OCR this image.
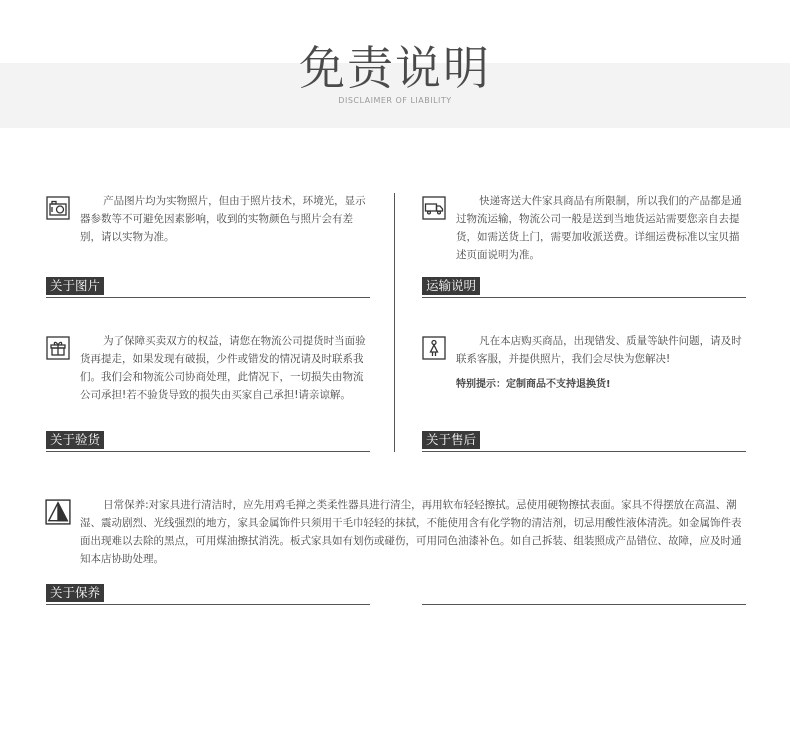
免责说明
DISCLAIMER OF LIABILITY
产品图片均为实物照片，但由于照片技术，环境光，显示器参数等不可避免因素影响，收到的实物颜色与照片会有差别，请以实物为准。
关于图片
快递寄送大件家具商品有所限制，所以我们的产品都是通过物流运输，物流公司一般是送到当地货运站需要您亲自去提货，如需送货上门，需要加收派送费。详细运费标准以宝贝描述页面说明为准。
运输说明
为了保障买卖双方的权益，请您在物流公司提货时当面验货再提走，如果发现有破损，少件或错发的情况请及时联系我们。我们会和物流公司协商处理，此情况下，一切损失由物流公司承担!若不验货导致的损失由买家自己承担!请亲谅解。
关于验货
凡在本店购买商品，出现错发、质量等缺件问题，请及时联系客服，并提供照片，我们会尽快为您解决!
特别提示：定制商品不支持退换货!
关于售后
日常保养:对家具进行清洁时，应先用鸡毛掸之类柔性器具进行清尘，再用软布轻轻擦拭。忌使用硬物擦拭表面。家具不得摆放在高温、潮湿、震动剧烈、光线强烈的地方，家具金属饰件只须用干毛巾轻轻的抹拭，不能使用含有化学物的清洁剂，切忌用酸性液体清洗。如金属饰件表面出现难以去除的黑点，可用煤油擦拭消洗。板式家具如有划伤或碰伤，可用同色油漆补色。如自己拆装、组装照成产品错位、故障，应及时通知本店协助处理。
关于保养
